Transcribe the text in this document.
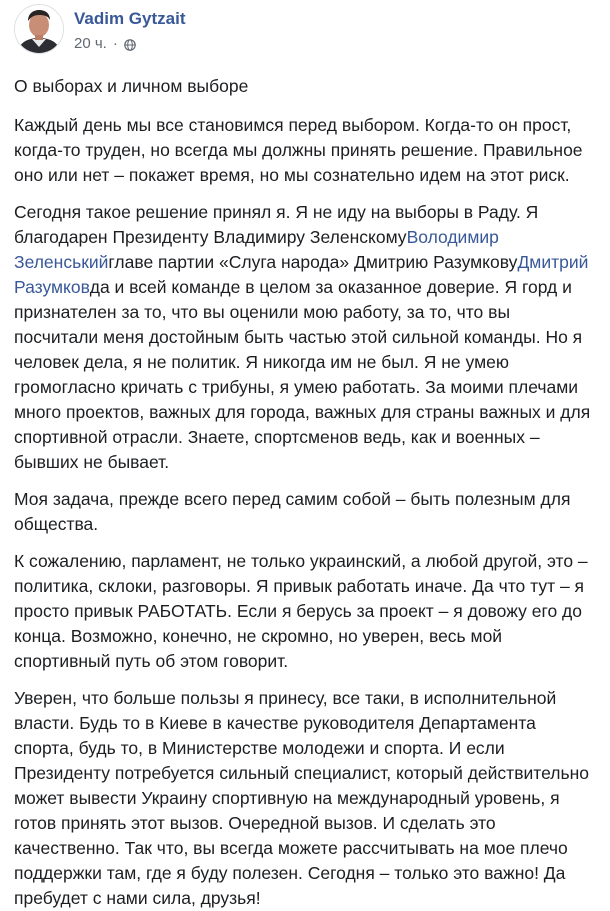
Vadim Gytzait
20 ч. ·

О выборах и личном выборе

Каждый день мы все становимся перед выбором. Когда-то он прост, когда-то труден, но всегда мы должны принять решение. Правильное оно или нет – покажет время, но мы сознательно идем на этот риск.

Сегодня такое решение принял я. Я не иду на выборы в Раду. Я благодарен Президенту Владимиру ЗеленскомуВолодимир Зеленськийглаве партии «Слуга народа» Дмитрию РазумковуДмитрий Разумковда и всей команде в целом за оказанное доверие. Я горд и признателен за то, что вы оценили мою работу, за то, что вы посчитали меня достойным быть частью этой сильной команды. Но я человек дела, я не политик. Я никогда им не был. Я не умею громогласно кричать с трибуны, я умею работать. За моими плечами много проектов, важных для города, важных для страны важных и для спортивной отрасли. Знаете, спортсменов ведь, как и военных – бывших не бывает.

Моя задача, прежде всего перед самим собой – быть полезным для общества.

К сожалению, парламент, не только украинский, а любой другой, это – политика, склоки, разговоры. Я привык работать иначе. Да что тут – я просто привык РАБОТАТЬ. Если я берусь за проект – я довожу его до конца. Возможно, конечно, не скромно, но уверен, весь мой спортивный путь об этом говорит.

Уверен, что больше пользы я принесу, все таки, в исполнительной власти. Будь то в Киеве в качестве руководителя Департамента спорта, будь то, в Министерстве молодежи и спорта. И если Президенту потребуется сильный специалист, который действительно может вывести Украину спортивную на международный уровень, я готов принять этот вызов. Очередной вызов. И сделать это качественно. Так что, вы всегда можете рассчитывать на мое плечо поддержки там, где я буду полезен. Сегодня – только это важно! Да пребудет с нами сила, друзья!
